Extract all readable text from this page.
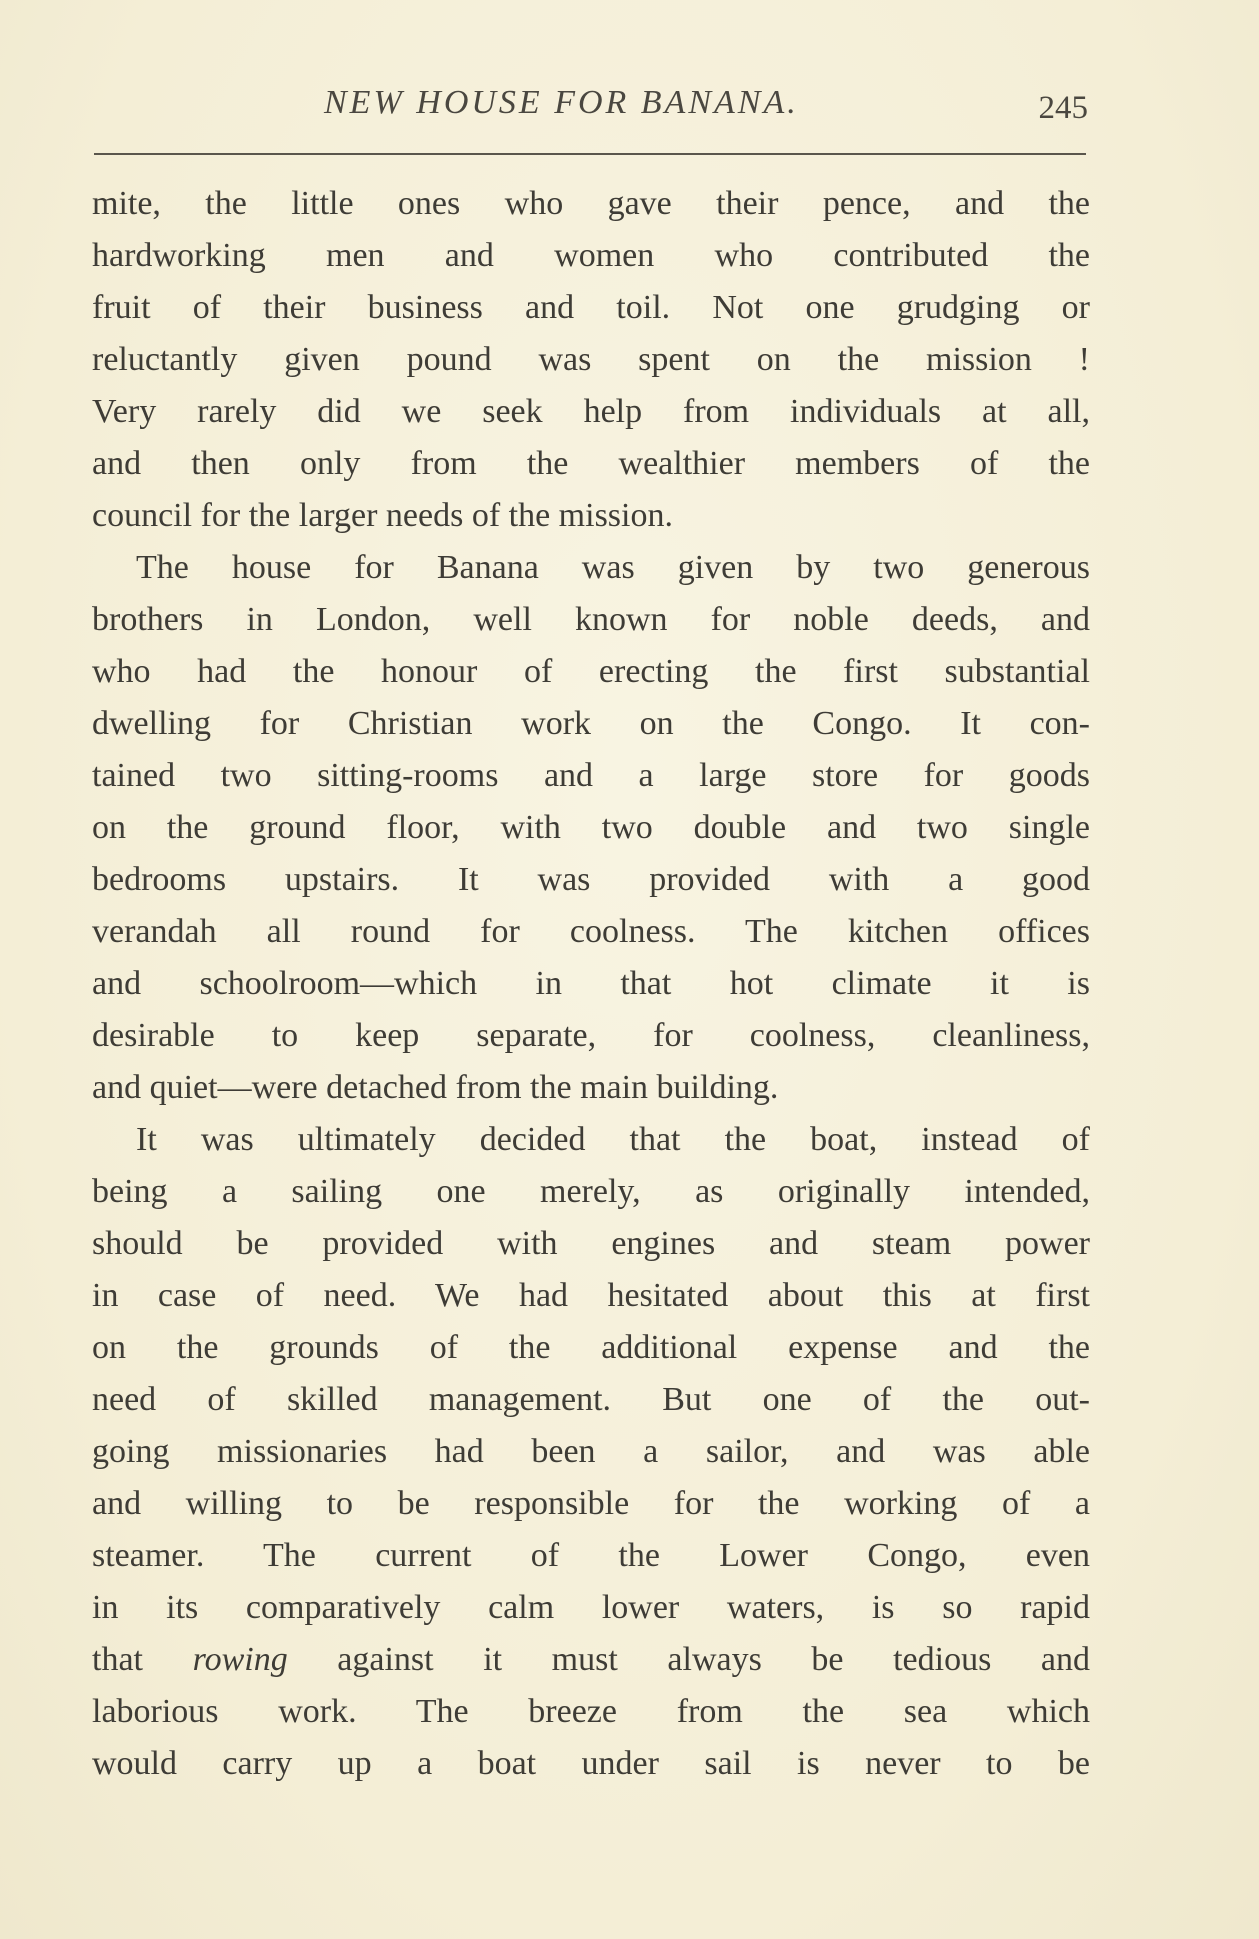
NEW HOUSE FOR BANANA.	245
mite, the little ones who gave their pence, and the
hardworking men and women who contributed the
fruit of their business and toil. Not one grudging or
reluctantly given pound was spent on the mission !
Very rarely did we seek help from individuals at all,
and then only from the wealthier members of the
council for the larger needs of the mission.
The house for Banana was given by two generous
brothers in London, well known for noble deeds, and
who had the honour of erecting the first substantial
dwelling for Christian work on the Congo. It con-
tained two sitting-rooms and a large store for goods
on the ground floor, with two double and two single
bedrooms upstairs. It was provided with a good
verandah all round for coolness. The kitchen offices
and schoolroom—which in that hot climate it is
desirable to keep separate, for coolness, cleanliness,
and quiet—were detached from the main building.
It was ultimately decided that the boat, instead of
being a sailing one merely, as originally intended,
should be provided with engines and steam power
in case of need. We had hesitated about this at first
on the grounds of the additional expense and the
need of skilled management. But one of the out-
going missionaries had been a sailor, and was able
and willing to be responsible for the working of a
steamer. The current of the Lower Congo, even
in its comparatively calm lower waters, is so rapid
that rowing against it must always be tedious and
laborious work. The breeze from the sea which
would carry up a boat under sail is never to be
